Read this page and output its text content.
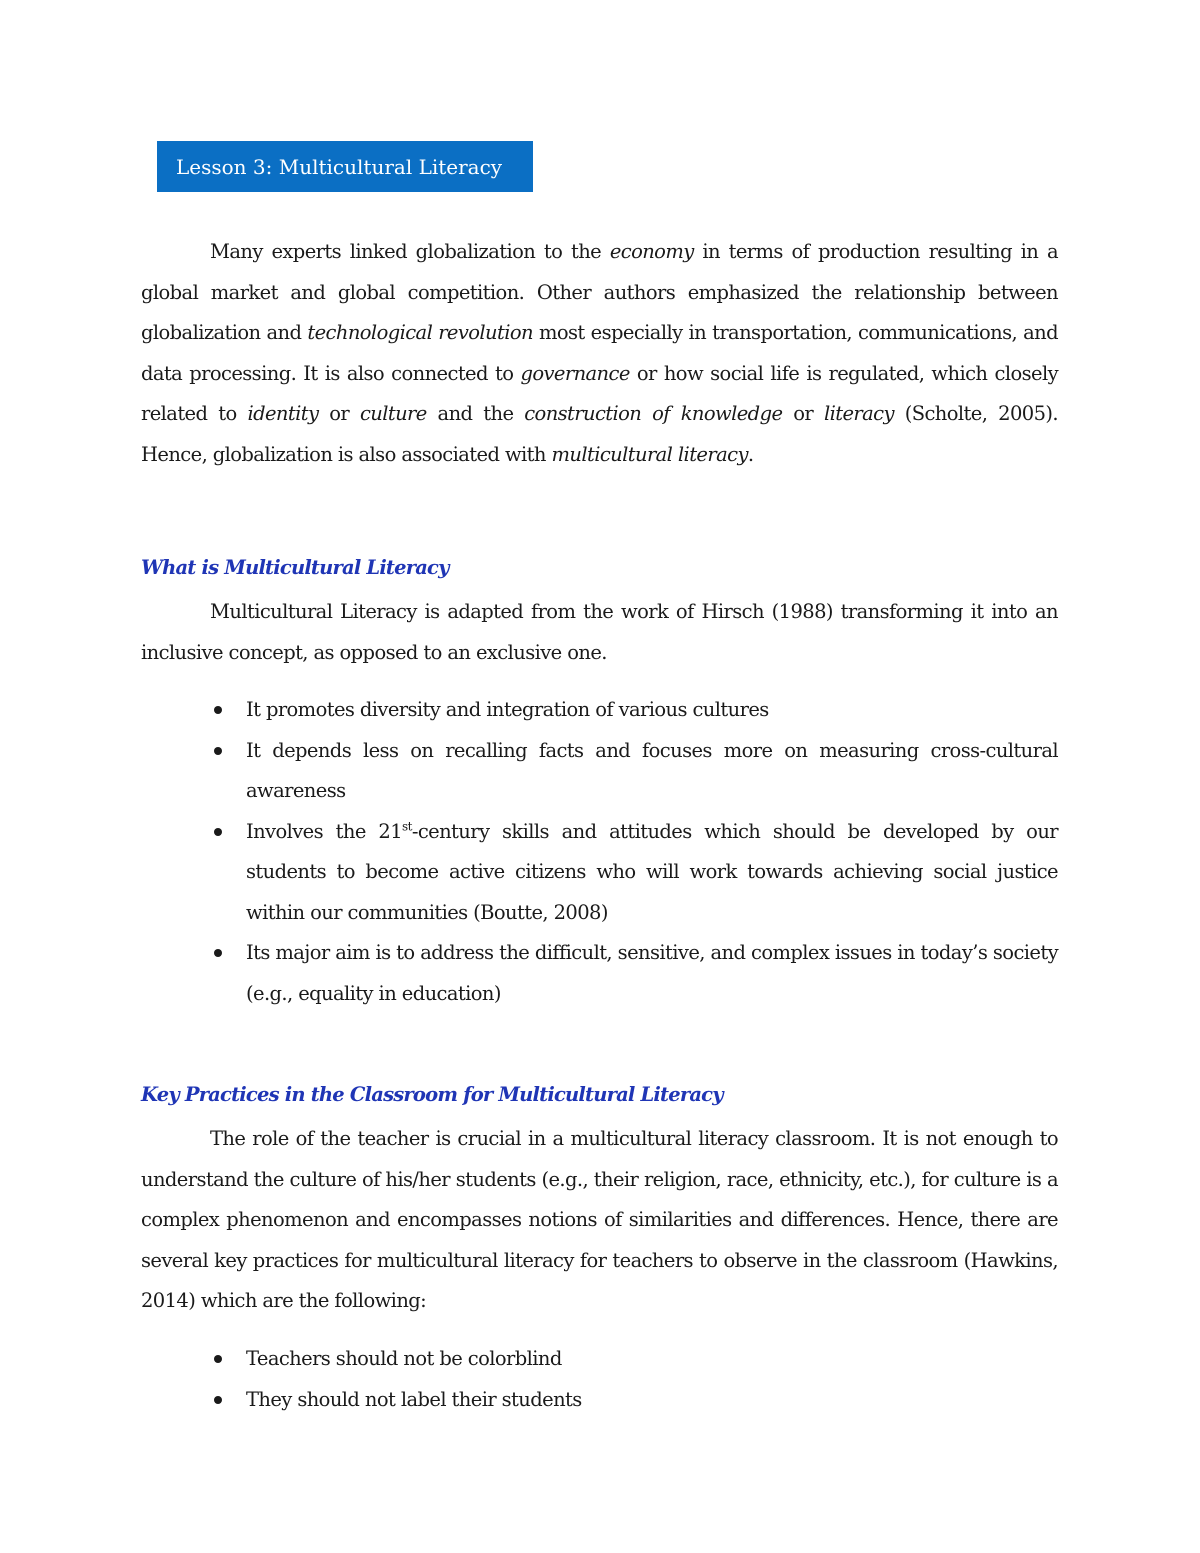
Lesson 3: Multicultural Literacy

Many experts linked globalization to the economy in terms of production resulting in a global market and global competition. Other authors emphasized the relationship between globalization and technological revolution most especially in transportation, communications, and data processing. It is also connected to governance or how social life is regulated, which closely related to identity or culture and the construction of knowledge or literacy (Scholte, 2005). Hence, globalization is also associated with multicultural literacy.

What is Multicultural Literacy

Multicultural Literacy is adapted from the work of Hirsch (1988) transforming it into an inclusive concept, as opposed to an exclusive one.

It promotes diversity and integration of various cultures
It depends less on recalling facts and focuses more on measuring cross-cultural awareness
Involves the 21st-century skills and attitudes which should be developed by our students to become active citizens who will work towards achieving social justice within our communities (Boutte, 2008)
Its major aim is to address the difficult, sensitive, and complex issues in today’s society (e.g., equality in education)
Key Practices in the Classroom for Multicultural Literacy

The role of the teacher is crucial in a multicultural literacy classroom. It is not enough to understand the culture of his/her students (e.g., their religion, race, ethnicity, etc.), for culture is a complex phenomenon and encompasses notions of similarities and differences. Hence, there are several key practices for multicultural literacy for teachers to observe in the classroom (Hawkins, 2014) which are the following:

Teachers should not be colorblind
They should not label their students
